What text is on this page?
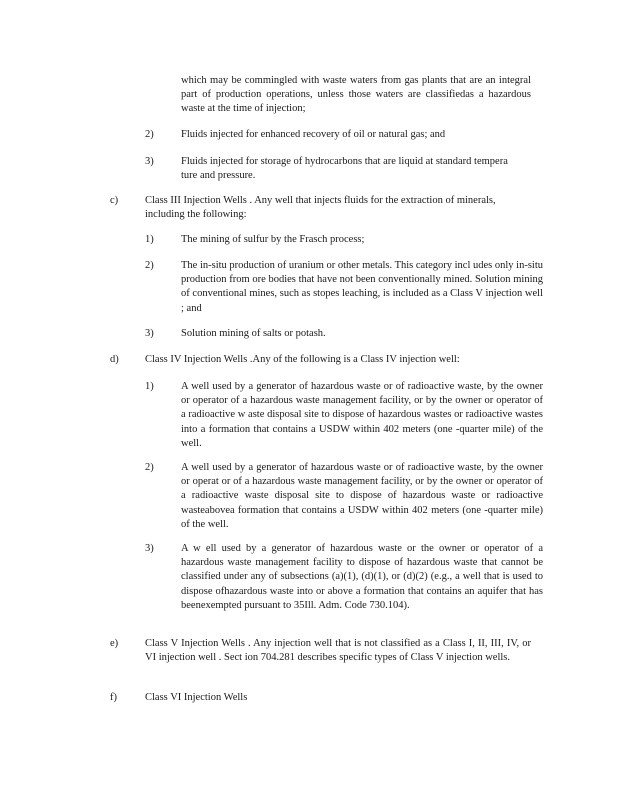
which may be commingled with waste waters from gas plants that are an integral part of production operations, unless those waters are classifiedas a hazardous waste at the time of injection;

2)	Fluids injected for enhanced recovery of oil or natural gas; and

3)	Fluids injected for storage of hydrocarbons that are liquid at standard tempera ture and pressure.

c)	Class III Injection Wells . Any well that injects fluids for the extraction of minerals, including the following:

1)	The mining of sulfur by the Frasch process;

2)	The in-situ production of uranium or other metals. This category incl udes only in-situ production from ore bodies that have not been conventionally mined. Solution mining of conventional mines, such as stopes leaching, is included as a Class V injection well ; and

3)	Solution mining of salts or potash.

d)	Class IV Injection Wells .Any of the following is a Class IV injection well:

1)	A well used by a generator of hazardous waste or of radioactive waste, by the owner or operator of a hazardous waste management facility, or by the owner or operator of a radioactive w aste disposal site to dispose of hazardous wastes or radioactive wastes into a formation that contains a USDW within 402 meters (one -quarter mile) of the well.

2)	A well used by a generator of hazardous waste or of radioactive waste, by the owner or operat or of a hazardous waste management facility, or by the owner or operator of a radioactive waste disposal site to dispose of hazardous waste or radioactive wasteabovea formation that contains a USDW within 402 meters (one -quarter mile) of the well.

3)	A w ell used by a generator of hazardous waste or the owner or operator of a hazardous waste management facility to dispose of hazardous waste that cannot be classified under any of subsections (a)(1), (d)(1), or (d)(2) (e.g., a well that is used to dispose ofhazardous waste into or above a formation that contains an aquifer that has beenexempted pursuant to 35Ill. Adm. Code 730.104).

e)	Class V Injection Wells . Any injection well that is not classified as a Class I, II, III, IV, or VI injection well . Sect ion 704.281 describes specific types of Class V injection wells.

f)	Class VI Injection Wells
